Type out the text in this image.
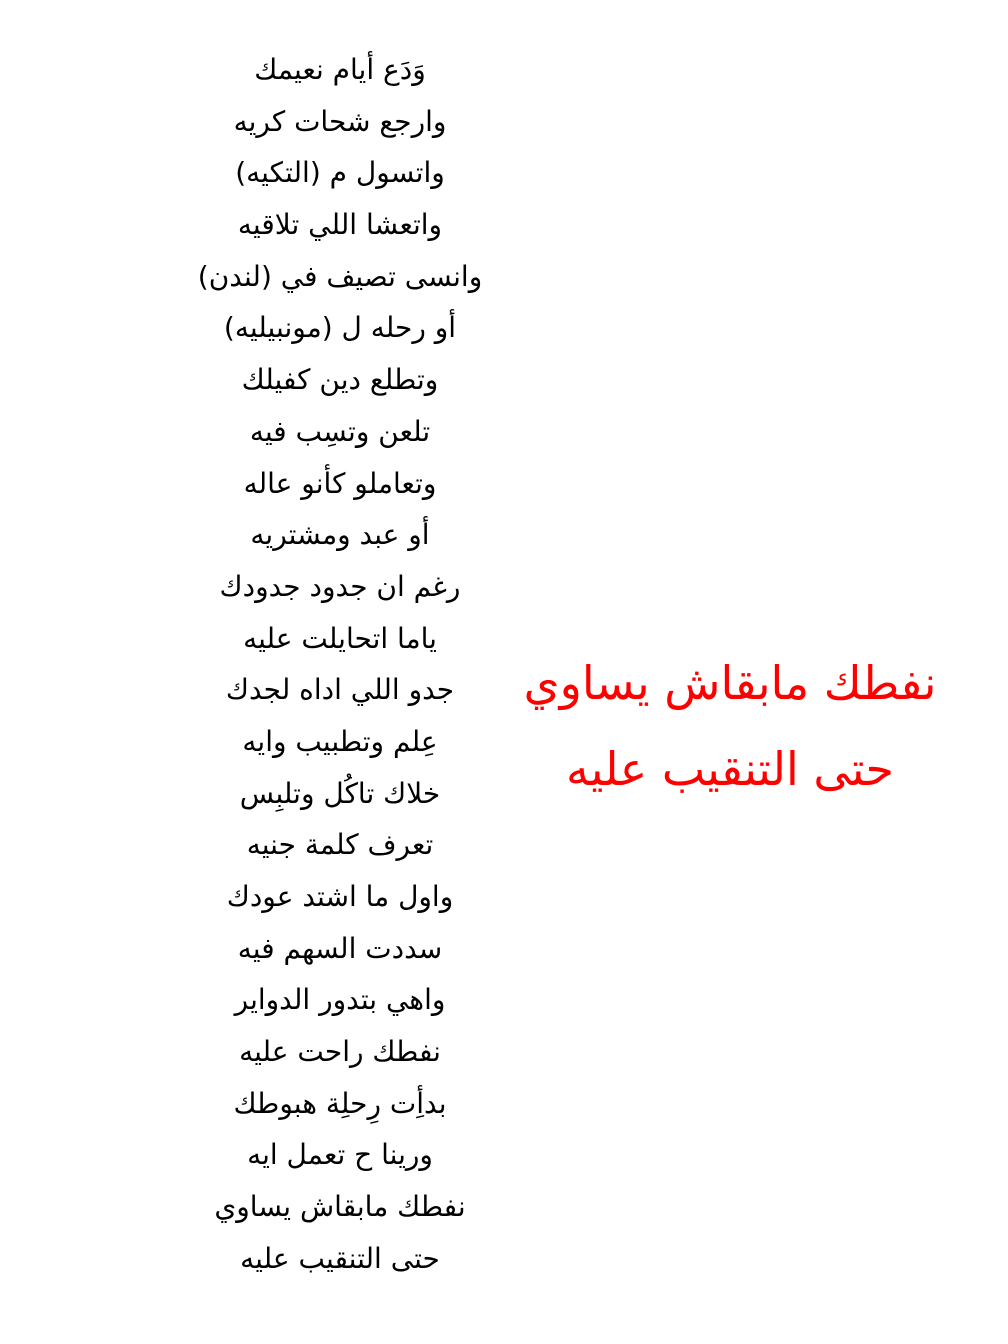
وَدَع أيام نعيمك
وارجع شحات كريه
واتسول م (التكيه)
واتعشا اللي تلاقيه
وانسى تصيف في (لندن)
أو رحله ل (مونبيليه)
وتطلع دين كفيلك
تلعن وتسِب فيه
وتعاملو كأنو عاله
أو عبد ومشتريه
رغم ان جدود جدودك
ياما اتحايلت عليه
جدو اللي اداه لجدك
عِلم وتطبيب وايه
خلاك تاكُل وتلبِس
تعرف كلمة جنيه
واول ما اشتد عودك
سددت السهم فيه
واهي بتدور الدواير
نفطك راحت عليه
بدأِت رِحلِة هبوطك
ورينا ح تعمل ايه
نفطك مابقاش يساوي
حتى التنقيب عليه
نفطك مابقاش يساوي
حتى التنقيب عليه
